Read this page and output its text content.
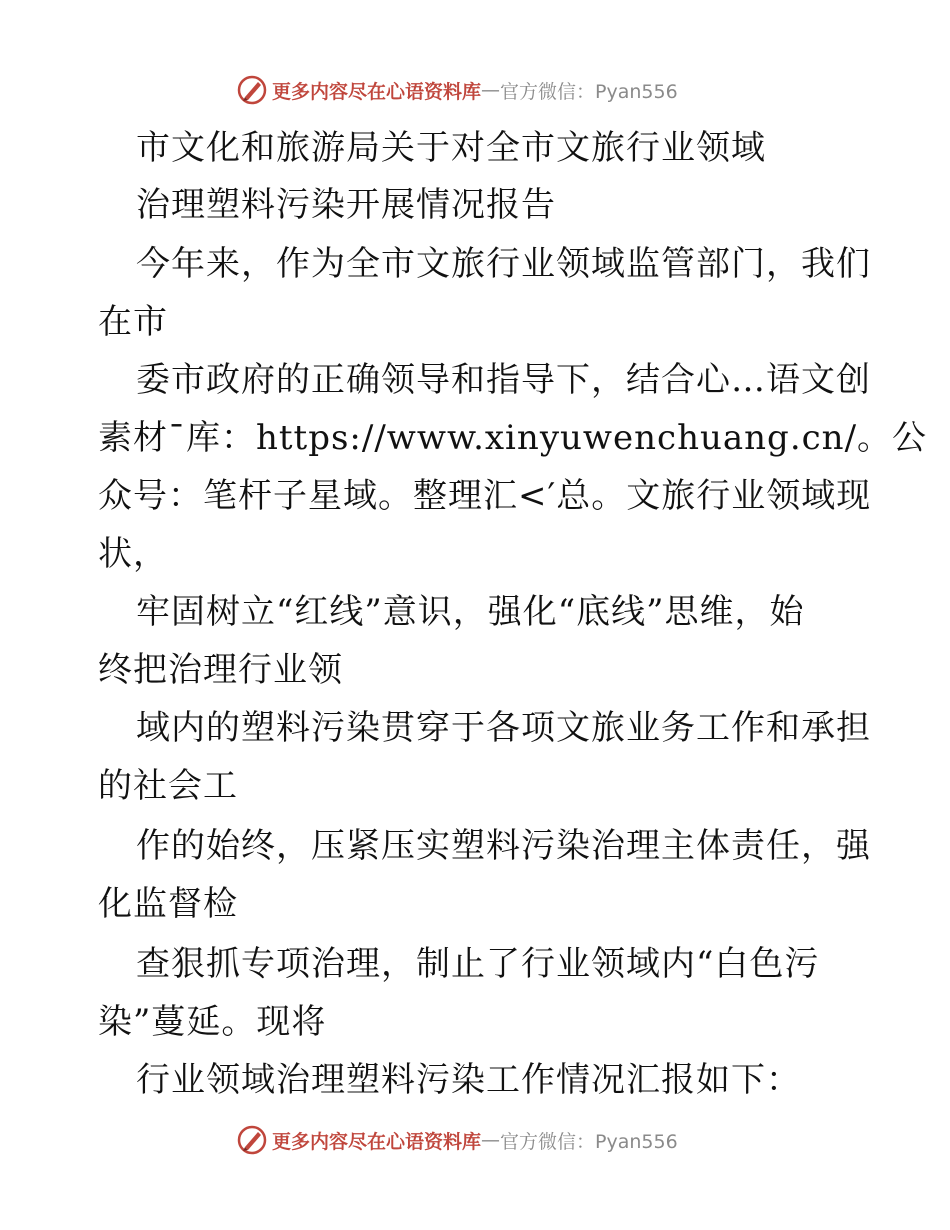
更多内容尽在心语资料库 — 官方微信：Pyan556
市文化和旅游局关于对全市文旅行业领域
治理塑料污染开展情况报告
今年来，作为全市文旅行业领域监管部门，我们
在市
委市政府的正确领导和指导下，结合心…语文创
素材¯库：https://www.xinyuwenchuang.cn/。公
众号：笔杆子星域。整理汇<′总。文旅行业领域现
状，
牢固树立“红线”意识，强化“底线”思维，始
终把治理行业领
域内的塑料污染贯穿于各项文旅业务工作和承担
的社会工
作的始终，压紧压实塑料污染治理主体责任，强
化监督检
查狠抓专项治理，制止了行业领域内“白色污
染”蔓延。现将
行业领域治理塑料污染工作情况汇报如下：
更多内容尽在心语资料库 — 官方微信：Pyan556
